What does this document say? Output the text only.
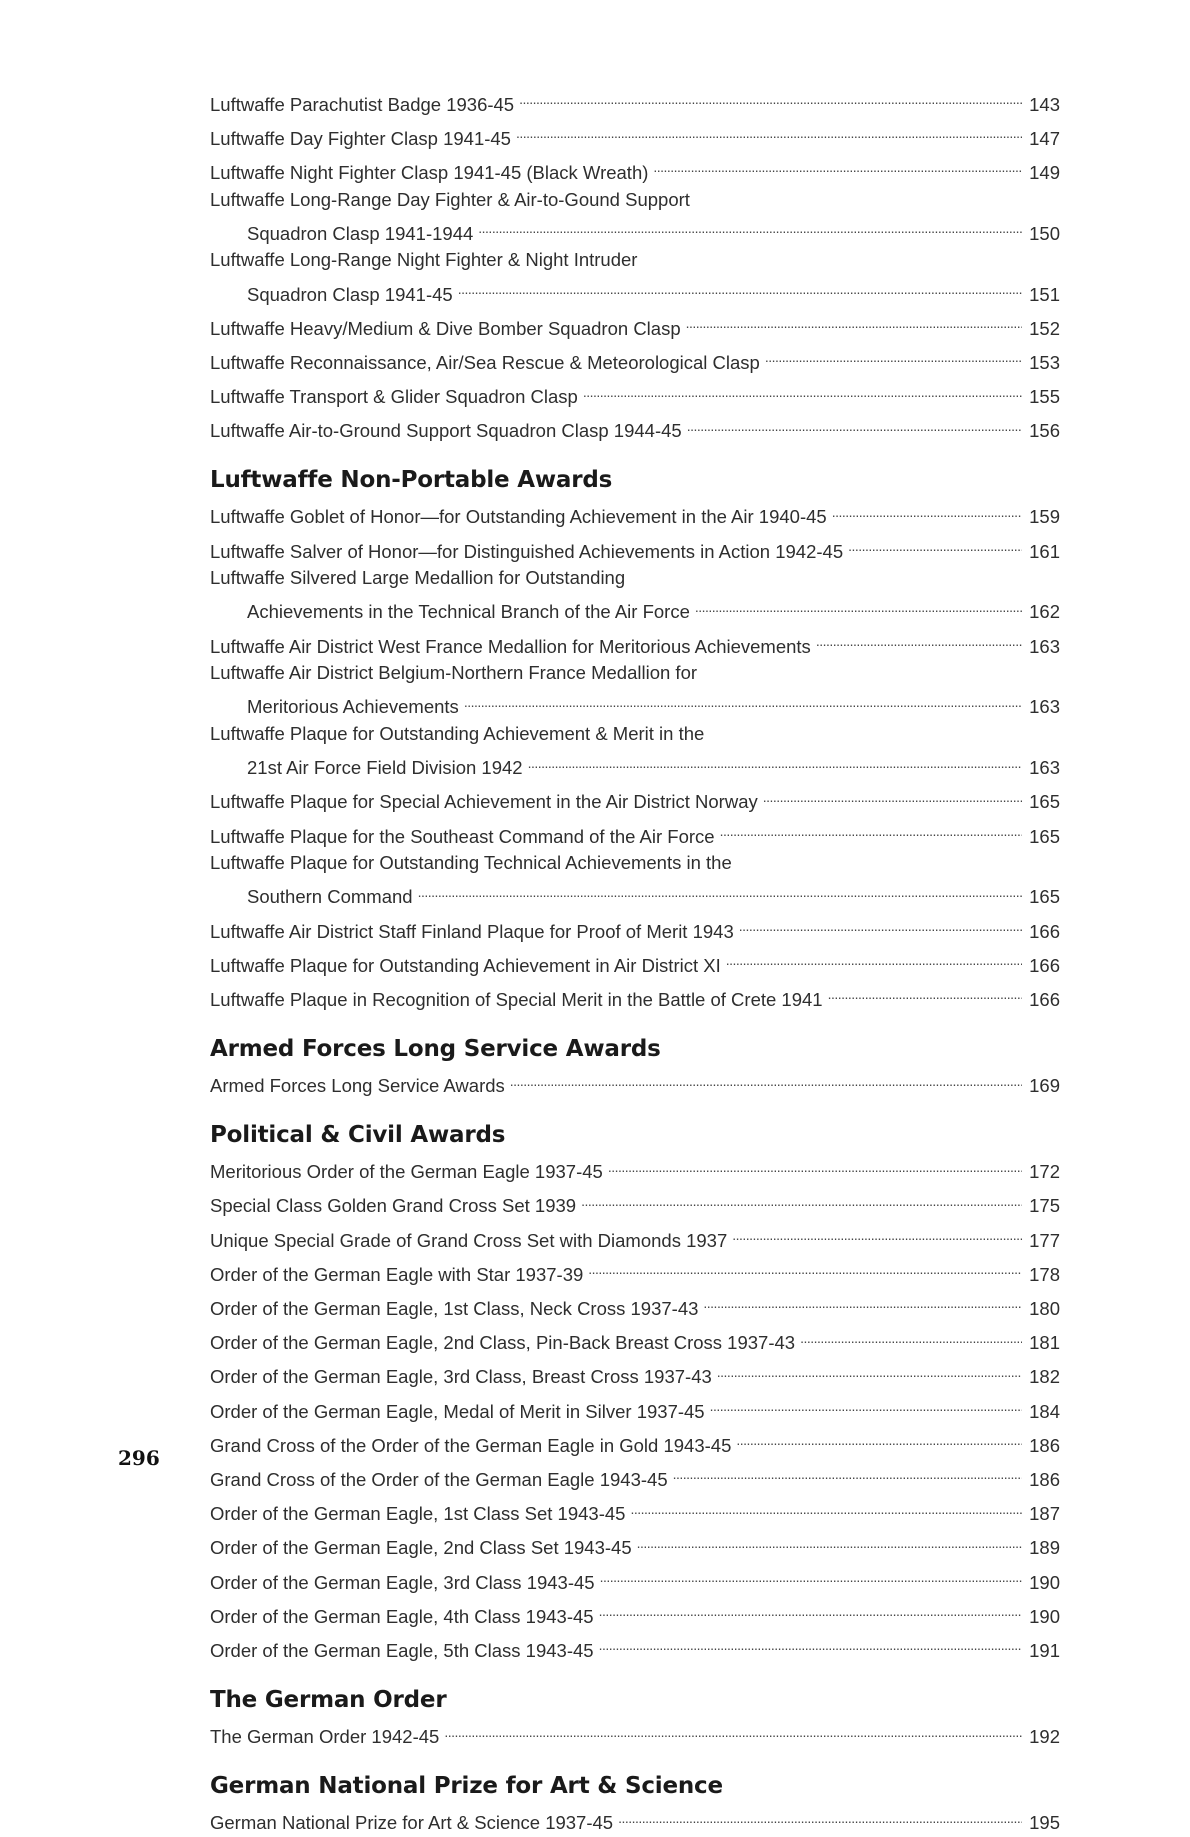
Luftwaffe Parachutist Badge 1936-45 . . .	143
Luftwaffe Day Fighter Clasp 1941-45 . . .	147
Luftwaffe Night Fighter Clasp 1941-45 (Black Wreath) . . .	149
Luftwaffe Long-Range Day Fighter & Air-to-Gound Support
Squadron Clasp 1941-1944 . . .	150
Luftwaffe Long-Range Night Fighter & Night Intruder
Squadron Clasp 1941-45 . . .	151
Luftwaffe Heavy/Medium & Dive Bomber Squadron Clasp . . .	152
Luftwaffe Reconnaissance, Air/Sea Rescue & Meteorological Clasp . . .	153
Luftwaffe Transport & Glider Squadron Clasp . . .	155
Luftwaffe Air-to-Ground Support Squadron Clasp 1944-45 . . .	156
Luftwaffe Non-Portable Awards
Luftwaffe Goblet of Honor—for Outstanding Achievement in the Air 1940-45 . . .	159
Luftwaffe Salver of Honor—for Distinguished Achievements in Action 1942-45 . . .	161
Luftwaffe Silvered Large Medallion for Outstanding
Achievements in the Technical Branch of the Air Force . . .	162
Luftwaffe Air District West France Medallion for Meritorious Achievements . . .	163
Luftwaffe Air District Belgium-Northern France Medallion for
Meritorious Achievements . . .	163
Luftwaffe Plaque for Outstanding Achievement & Merit in the
21st Air Force Field Division 1942 . . .	163
Luftwaffe Plaque for Special Achievement in the Air District Norway . . .	165
Luftwaffe Plaque for the Southeast Command of the Air Force . . .	165
Luftwaffe Plaque for Outstanding Technical Achievements in the
Southern Command . . .	165
Luftwaffe Air District Staff Finland Plaque for Proof of Merit 1943 . . .	166
Luftwaffe Plaque for Outstanding Achievement in Air District XI . . .	166
Luftwaffe Plaque in Recognition of Special Merit in the Battle of Crete 1941 . . .	166
Armed Forces Long Service Awards
Armed Forces Long Service Awards . . .	169
Political & Civil Awards
Meritorious Order of the German Eagle 1937-45 . . .	172
Special Class Golden Grand Cross Set 1939 . . .	175
Unique Special Grade of Grand Cross Set with Diamonds 1937 . . .	177
Order of the German Eagle with Star 1937-39 . . .	178
Order of the German Eagle, 1st Class, Neck Cross 1937-43 . . .	180
Order of the German Eagle, 2nd Class, Pin-Back Breast Cross 1937-43 . . .	181
Order of the German Eagle, 3rd Class, Breast Cross 1937-43 . . .	182
Order of the German Eagle, Medal of Merit in Silver 1937-45 . . .	184
Grand Cross of the Order of the German Eagle in Gold 1943-45 . . .	186
Grand Cross of the Order of the German Eagle 1943-45 . . .	186
Order of the German Eagle, 1st Class Set 1943-45 . . .	187
Order of the German Eagle, 2nd Class Set 1943-45 . . .	189
Order of the German Eagle, 3rd Class 1943-45 . . .	190
Order of the German Eagle, 4th Class 1943-45 . . .	190
Order of the German Eagle, 5th Class 1943-45 . . .	191
The German Order
The German Order 1942-45 . . .	192
German National Prize for Art & Science
German National Prize for Art & Science 1937-45 . . .	195
296
